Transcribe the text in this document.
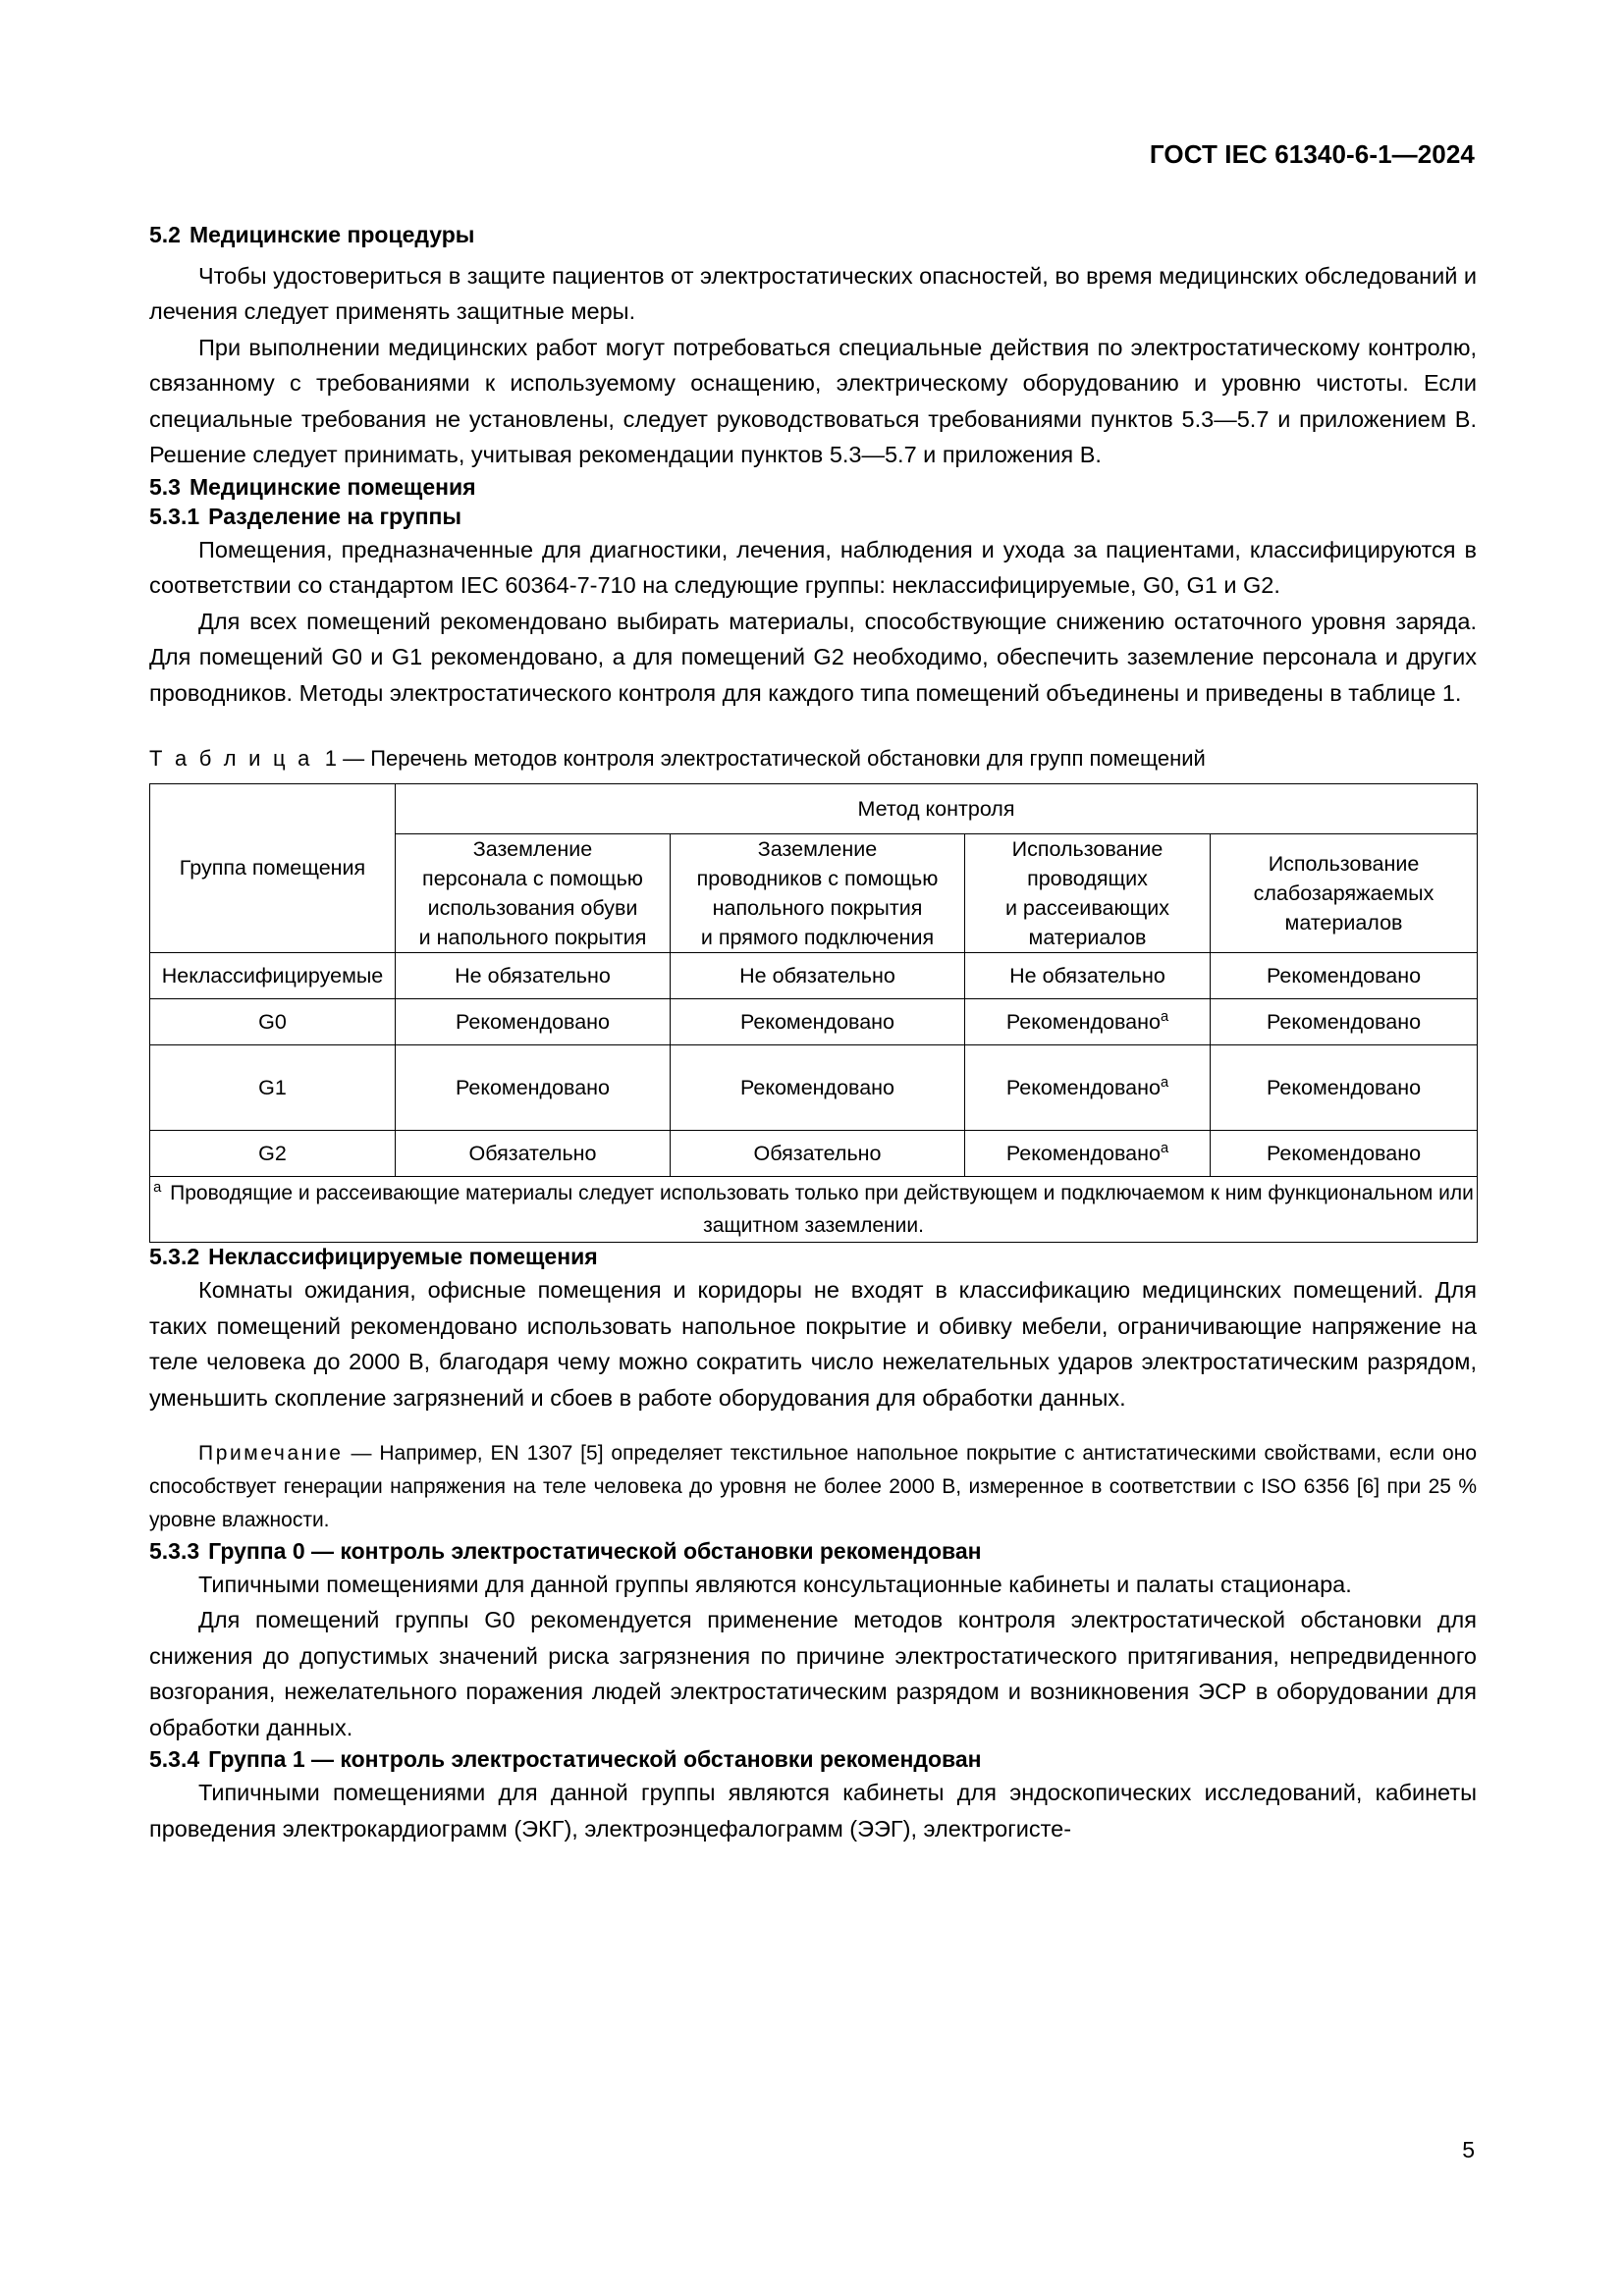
ГОСТ IEC 61340-6-1—2024
5.2 Медицинские процедуры

Чтобы удостовериться в защите пациентов от электростатических опасностей, во время медицинских обследований и лечения следует применять защитные меры.

При выполнении медицинских работ могут потребоваться специальные действия по электростатическому контролю, связанному с требованиями к используемому оснащению, электрическому оборудованию и уровню чистоты. Если специальные требования не установлены, следует руководствоваться требованиями пунктов 5.3—5.7 и приложением В. Решение следует принимать, учитывая рекомендации пунктов 5.3—5.7 и приложения В.

5.3 Медицинские помещения
5.3.1 Разделение на группы

Помещения, предназначенные для диагностики, лечения, наблюдения и ухода за пациентами, классифицируются в соответствии со стандартом IEC 60364-7-710 на следующие группы: неклассифицируемые, G0, G1 и G2.

Для всех помещений рекомендовано выбирать материалы, способствующие снижению остаточного уровня заряда. Для помещений G0 и G1 рекомендовано, а для помещений G2 необходимо, обеспечить заземление персонала и других проводников. Методы электростатического контроля для каждого типа помещений объединены и приведены в таблице 1.

Т а б л и ц а 1 — Перечень методов контроля электростатической обстановки для групп помещений
Группа помещения	Метод контроля			
	Заземление
персонала с помощью
использования обуви
и напольного покрытия	Заземление
проводников с помощью
напольного покрытия
и прямого подключения	Использование
проводящих
и рассеивающих
материалов	Использование
слабозаряжаемых
материалов
Неклассифицируемые	Не обязательно	Не обязательно	Не обязательно	Рекомендовано
G0	Рекомендовано	Рекомендовано	Рекомендовано$^a$	Рекомендовано
G1	Рекомендовано	Рекомендовано	Рекомендовано$^a$	Рекомендовано
G2	Обязательно	Обязательно	Рекомендовано$^a$	Рекомендовано
$^a$ Проводящие и рассеивающие материалы следует использовать только при действующем и подключаемом к ним функциональном или защитном заземлении.				
5.3.2 Неклассифицируемые помещения

Комнаты ожидания, офисные помещения и коридоры не входят в классификацию медицинских помещений. Для таких помещений рекомендовано использовать напольное покрытие и обивку мебели, ограничивающие напряжение на теле человека до 2000 В, благодаря чему можно сократить число нежелательных ударов электростатическим разрядом, уменьшить скопление загрязнений и сбоев в работе оборудования для обработки данных.

Примечание — Например, EN 1307 [5] определяет текстильное напольное покрытие с антистатическими свойствами, если оно способствует генерации напряжения на теле человека до уровня не более 2000 В, измеренное в соответствии с ISO 6356 [6] при 25 % уровне влажности.

5.3.3 Группа 0 — контроль электростатической обстановки рекомендован

Типичными помещениями для данной группы являются консультационные кабинеты и палаты стационара.

Для помещений группы G0 рекомендуется применение методов контроля электростатической обстановки для снижения до допустимых значений риска загрязнения по причине электростатического притягивания, непредвиденного возгорания, нежелательного поражения людей электростатическим разрядом и возникновения ЭСР в оборудовании для обработки данных.

5.3.4 Группа 1 — контроль электростатической обстановки рекомендован

Типичными помещениями для данной группы являются кабинеты для эндоскопических исследований, кабинеты проведения электрокардиограмм (ЭКГ), электроэнцефалограмм (ЭЭГ), электрогисте-

5
